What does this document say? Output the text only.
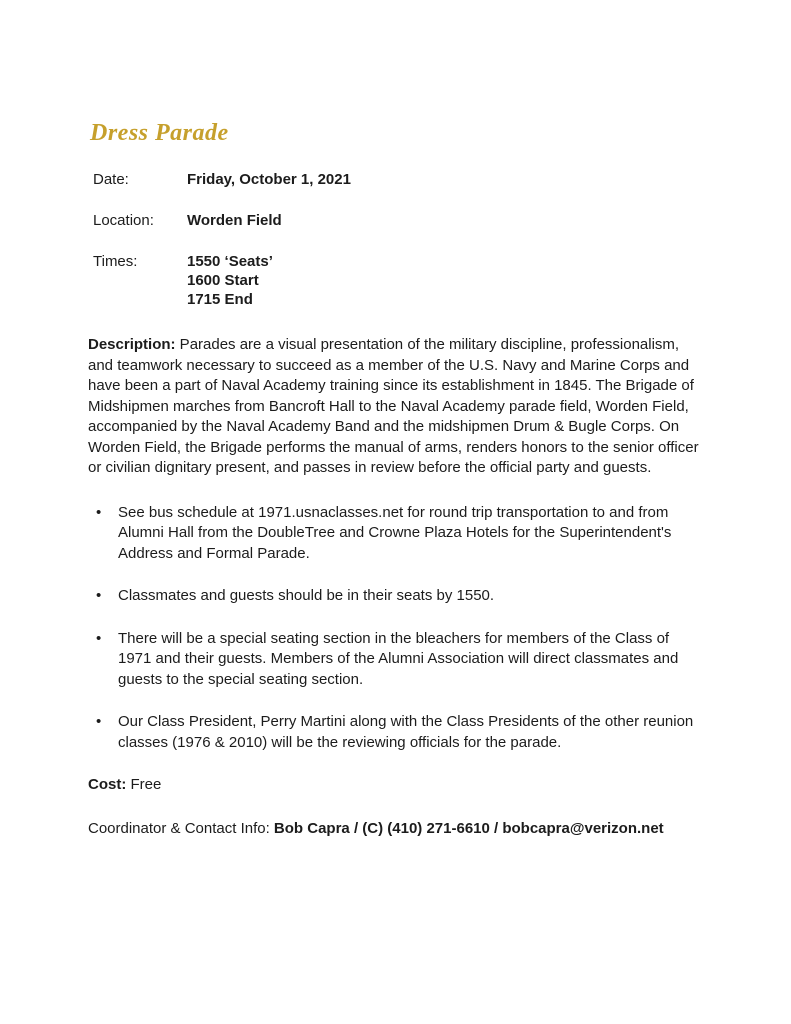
Dress Parade
Date:	Friday, October 1, 2021
Location:	Worden Field
Times:	1550 ‘Seats’
1600 Start
1715 End

Description: Parades are a visual presentation of the military discipline, professionalism, and teamwork necessary to succeed as a member of the U.S. Navy and Marine Corps and have been a part of Naval Academy training since its establishment in 1845. The Brigade of Midshipmen marches from Bancroft Hall to the Naval Academy parade field, Worden Field, accompanied by the Naval Academy Band and the midshipmen Drum & Bugle Corps. On Worden Field, the Brigade performs the manual of arms, renders honors to the senior officer or civilian dignitary present, and passes in review before the official party and guests.

• See bus schedule at 1971.usnaclasses.net for round trip transportation to and from Alumni Hall from the DoubleTree and Crowne Plaza Hotels for the Superintendent's Address and Formal Parade.
• Classmates and guests should be in their seats by 1550.
• There will be a special seating section in the bleachers for members of the Class of 1971 and their guests. Members of the Alumni Association will direct classmates and guests to the special seating section.
• Our Class President, Perry Martini along with the Class Presidents of the other reunion classes (1976 & 2010) will be the reviewing officials for the parade.

Cost: Free

Coordinator & Contact Info: Bob Capra / (C) (410) 271-6610 / bobcapra@verizon.net
